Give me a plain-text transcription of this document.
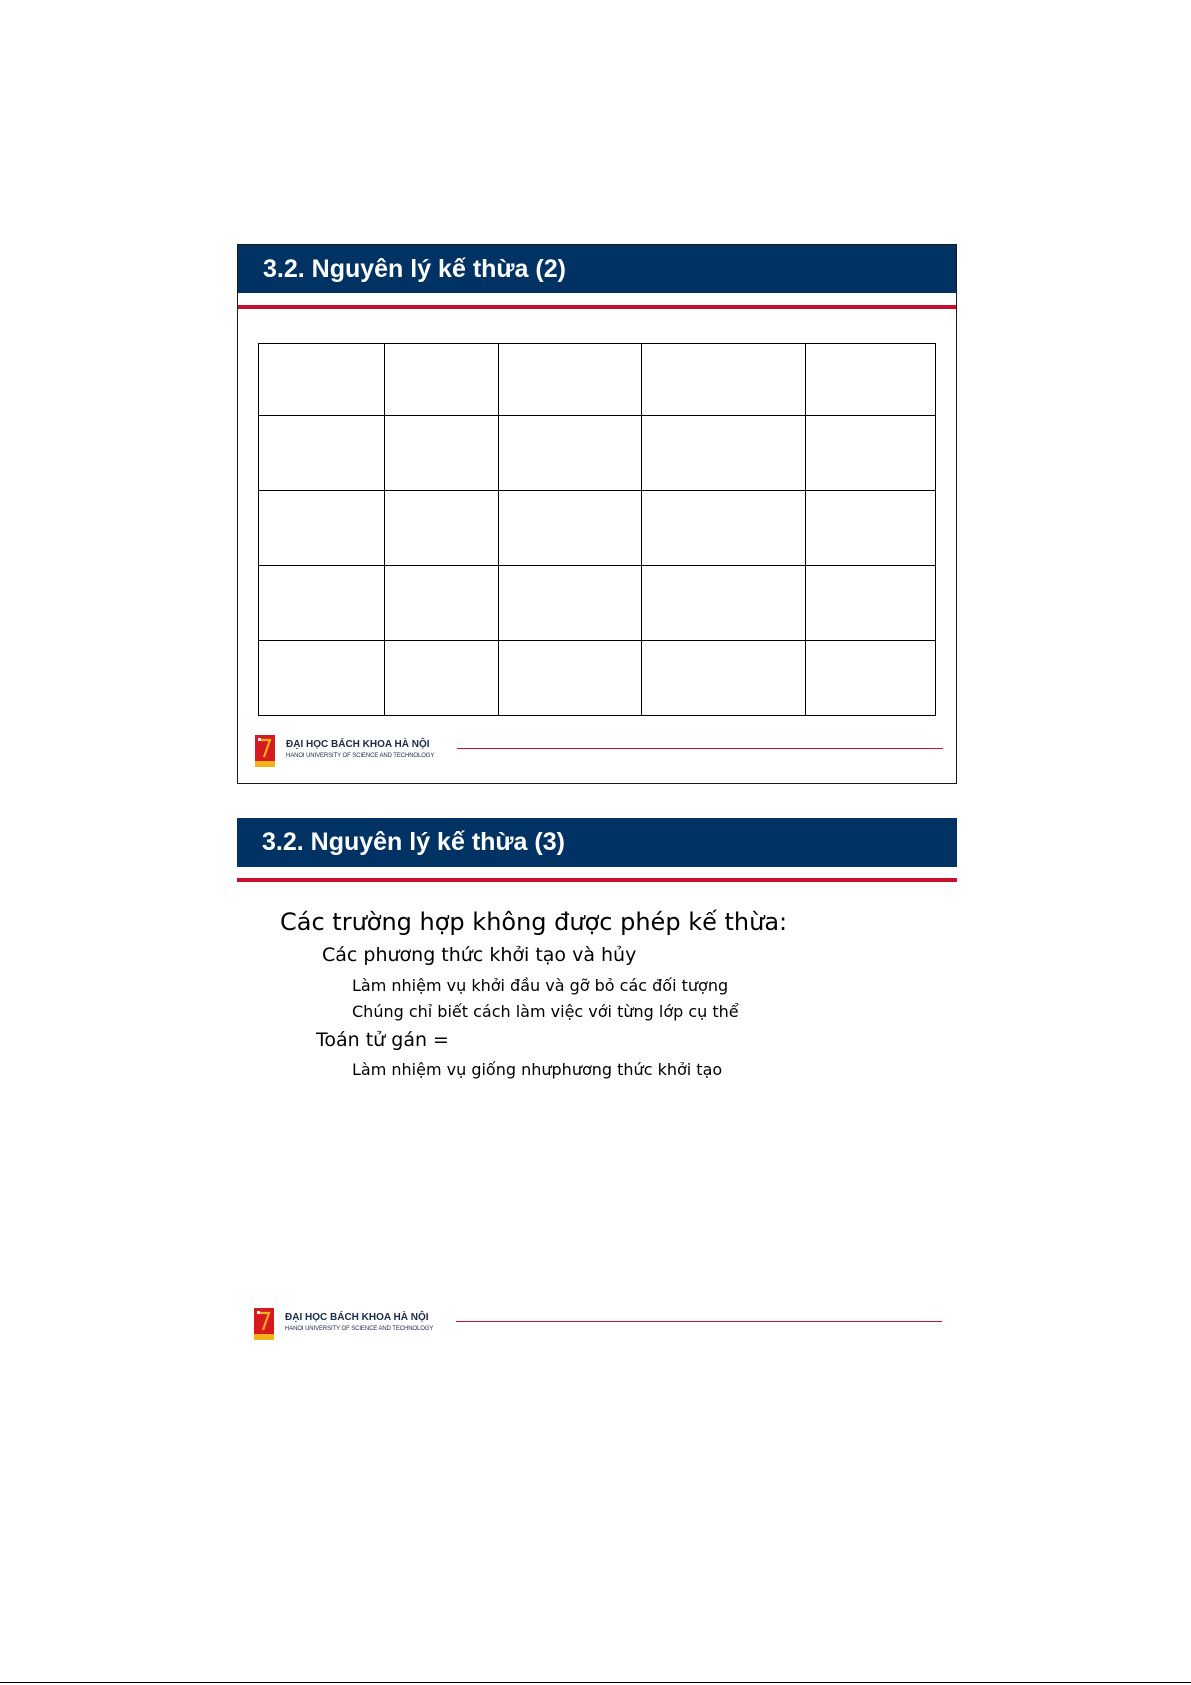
3.2. Nguyên lý kế thừa (2)

ĐẠI HỌC BÁCH KHOA HÀ NỘI
HANOI UNIVERSITY OF SCIENCE AND TECHNOLOGY
3.2. Nguyên lý kế thừa (3)
Các trường hợp không được phép kế thừa:
Các phương thức khởi tạo và hủy
Làm nhiệm vụ khởi đầu và gỡ bỏ các đối tượng
Chúng chỉ biết cách làm việc với từng lớp cụ thể
Toán tử gán =
Làm nhiệm vụ giống nhưphương thức khởi tạo
ĐẠI HỌC BÁCH KHOA HÀ NỘI
HANOI UNIVERSITY OF SCIENCE AND TECHNOLOGY
